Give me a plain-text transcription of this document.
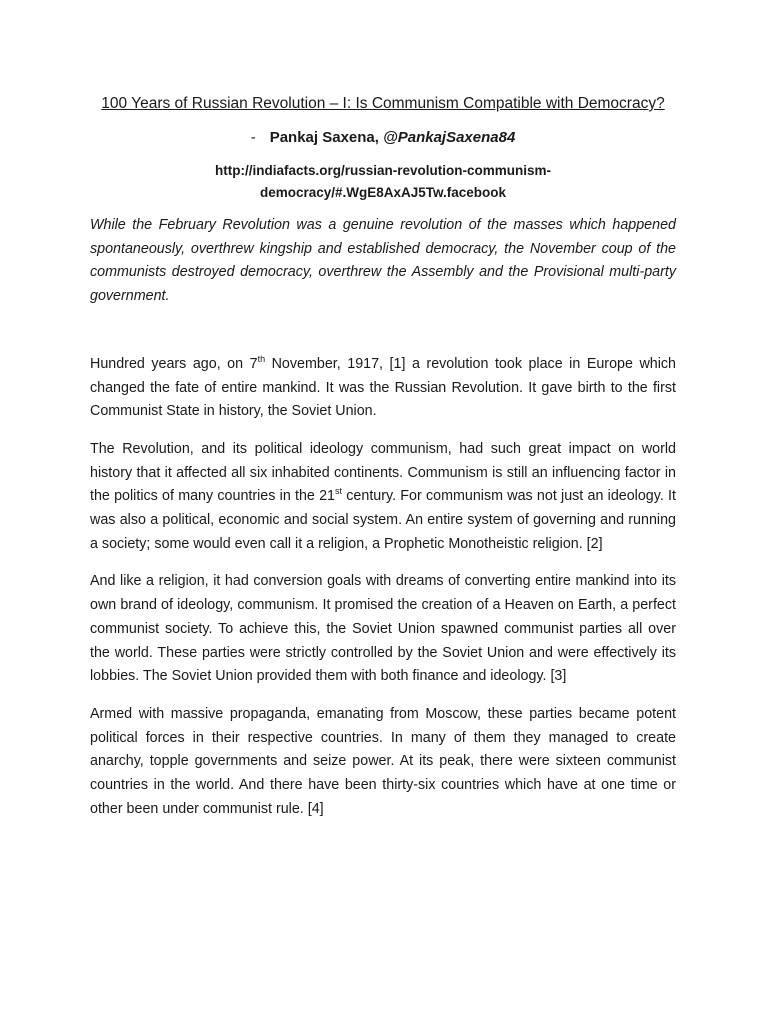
100 Years of Russian Revolution – I: Is Communism Compatible with Democracy?
- Pankaj Saxena, @PankajSaxena84
http://indiafacts.org/russian-revolution-communism-democracy/#.WgE8AxAJ5Tw.facebook

While the February Revolution was a genuine revolution of the masses which happened spontaneously, overthrew kingship and established democracy, the November coup of the communists destroyed democracy, overthrew the Assembly and the Provisional multi-party government.

Hundred years ago, on 7th November, 1917, [1] a revolution took place in Europe which changed the fate of entire mankind. It was the Russian Revolution. It gave birth to the first Communist State in history, the Soviet Union.

The Revolution, and its political ideology communism, had such great impact on world history that it affected all six inhabited continents. Communism is still an influencing factor in the politics of many countries in the 21st century. For communism was not just an ideology. It was also a political, economic and social system. An entire system of governing and running a society; some would even call it a religion, a Prophetic Monotheistic religion. [2]

And like a religion, it had conversion goals with dreams of converting entire mankind into its own brand of ideology, communism. It promised the creation of a Heaven on Earth, a perfect communist society. To achieve this, the Soviet Union spawned communist parties all over the world. These parties were strictly controlled by the Soviet Union and were effectively its lobbies. The Soviet Union provided them with both finance and ideology. [3]

Armed with massive propaganda, emanating from Moscow, these parties became potent political forces in their respective countries. In many of them they managed to create anarchy, topple governments and seize power. At its peak, there were sixteen communist countries in the world. And there have been thirty-six countries which have at one time or other been under communist rule. [4]
